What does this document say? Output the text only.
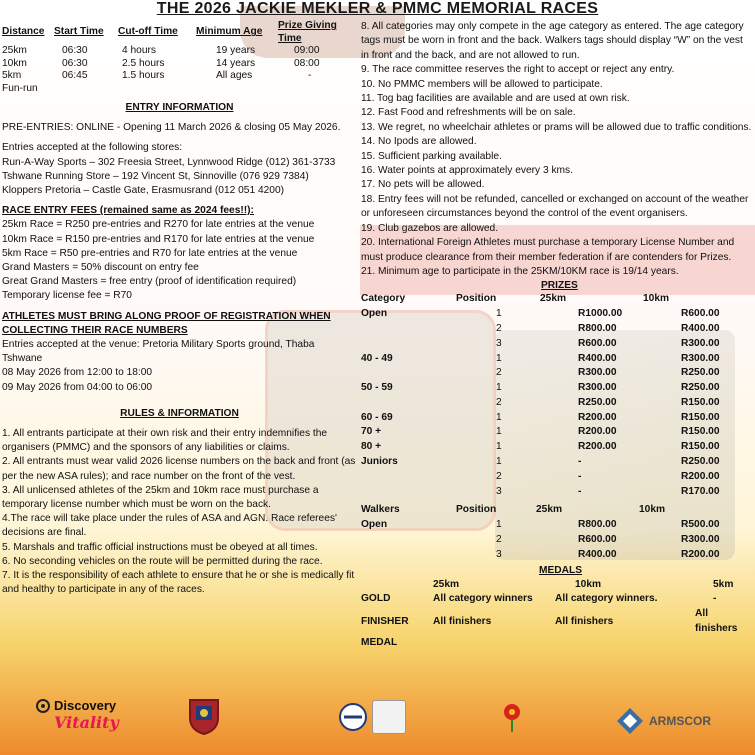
THE 2026 JACKIE MEKLER & PMMC MEMORIAL RACES
Distance	Start Time	Cut-off Time	Minimum Age	Prize Giving Time
25km	06:30	4 hours	19 years	09:00
10km	06:30	2.5 hours	14 years	08:00
5km	06:45	1.5 hours	All ages	-
Fun-run				
ENTRY INFORMATION

PRE-ENTRIES: ONLINE - Opening 11 March 2026 & closing 05 May 2026.

Entries accepted at the following stores:

Run-A-Way Sports – 302 Freesia Street, Lynnwood Ridge (012) 361-3733

Tshwane Running Store – 192 Vincent St, Sinnoville (076 929 7384)

Kloppers Pretoria – Castle Gate, Erasmusrand (012 051 4200)

RACE ENTRY FEES (remained same as 2024 fees!!):

25km Race = R250 pre-entries and R270 for late entries at the venue

10km Race = R150 pre-entries and R170 for late entries at the venue

5km Race = R50 pre-entries and R70 for late entries at the venue

Grand Masters = 50% discount on entry fee

Great Grand Masters = free entry (proof of identification required)

Temporary license fee = R70

ATHLETES MUST BRING ALONG PROOF OF REGISTRATION WHEN COLLECTING THEIR RACE NUMBERS

Entries accepted at the venue: Pretoria Military Sports ground, Thaba Tshwane

08 May 2026 from 12:00 to 18:00

09 May 2026 from 04:00 to 06:00

RULES & INFORMATION

1. All entrants participate at their own risk and their entry indemnifies the organisers (PMMC) and the sponsors of any liabilities or claims.

2. All entrants must wear valid 2026 license numbers on the back and front (as per the new ASA rules); and race number on the front of the vest.

3. All unlicensed athletes of the 25km and 10km race must purchase a temporary license number which must be worn on the back.

4.The race will take place under the rules of ASA and AGN. Race referees' decisions are final.

5. Marshals and traffic official instructions must be obeyed at all times.

6. No seconding vehicles on the route will be permitted during the race.

7. It is the responsibility of each athlete to ensure that he or she is medically fit and healthy to participate in any of the races.

8. All categories may only compete in the age category as entered. The age category tags must be worn in front and the back. Walkers tags should display “W” on the vest in front and the back, and are not allowed to run.

9. The race committee reserves the right to accept or reject any entry.

10. No PMMC members will be allowed to participate.

11. Tog bag facilities are available and are used at own risk.

12. Fast Food and refreshments will be on sale.

13. We regret, no wheelchair athletes or prams will be allowed due to traffic conditions.

14. No Ipods are allowed.

15. Sufficient parking available.

16. Water points at approximately every 3 kms.

17. No pets will be allowed.

18. Entry fees will not be refunded, cancelled or exchanged on account of the weather or unforeseen circumstances beyond the control of the event organisers.

19. Club gazebos are allowed.

20. International Foreign Athletes must purchase a temporary License Number and must produce clearance from their member federation if are contenders for Prizes.

21. Minimum age to participate in the 25KM/10KM race is 19/14 years.

PRIZES
Category	Position	25km	10km
Open	1	R1000.00	R600.00
	2	R800.00	R400.00
	3	R600.00	R300.00
40 - 49	1	R400.00	R300.00
	2	R300.00	R250.00
50 - 59	1	R300.00	R250.00
	2	R250.00	R150.00
60 - 69	1	R200.00	R150.00
70 +	1	R200.00	R150.00
80 +	1	R200.00	R150.00
Juniors	1	-	R250.00
	2	-	R200.00
	3	-	R170.00
Walkers	Position	25km	10km
Open	1	R800.00	R500.00
	2	R600.00	R300.00
	3	R400.00	R200.00
MEDALS
	25km	10km	5km
GOLD	All category winners	All category winners.	-
FINISHER	All finishers	All finishers	All finishers
MEDAL			
Discovery
Vitality	ARMSCOR
